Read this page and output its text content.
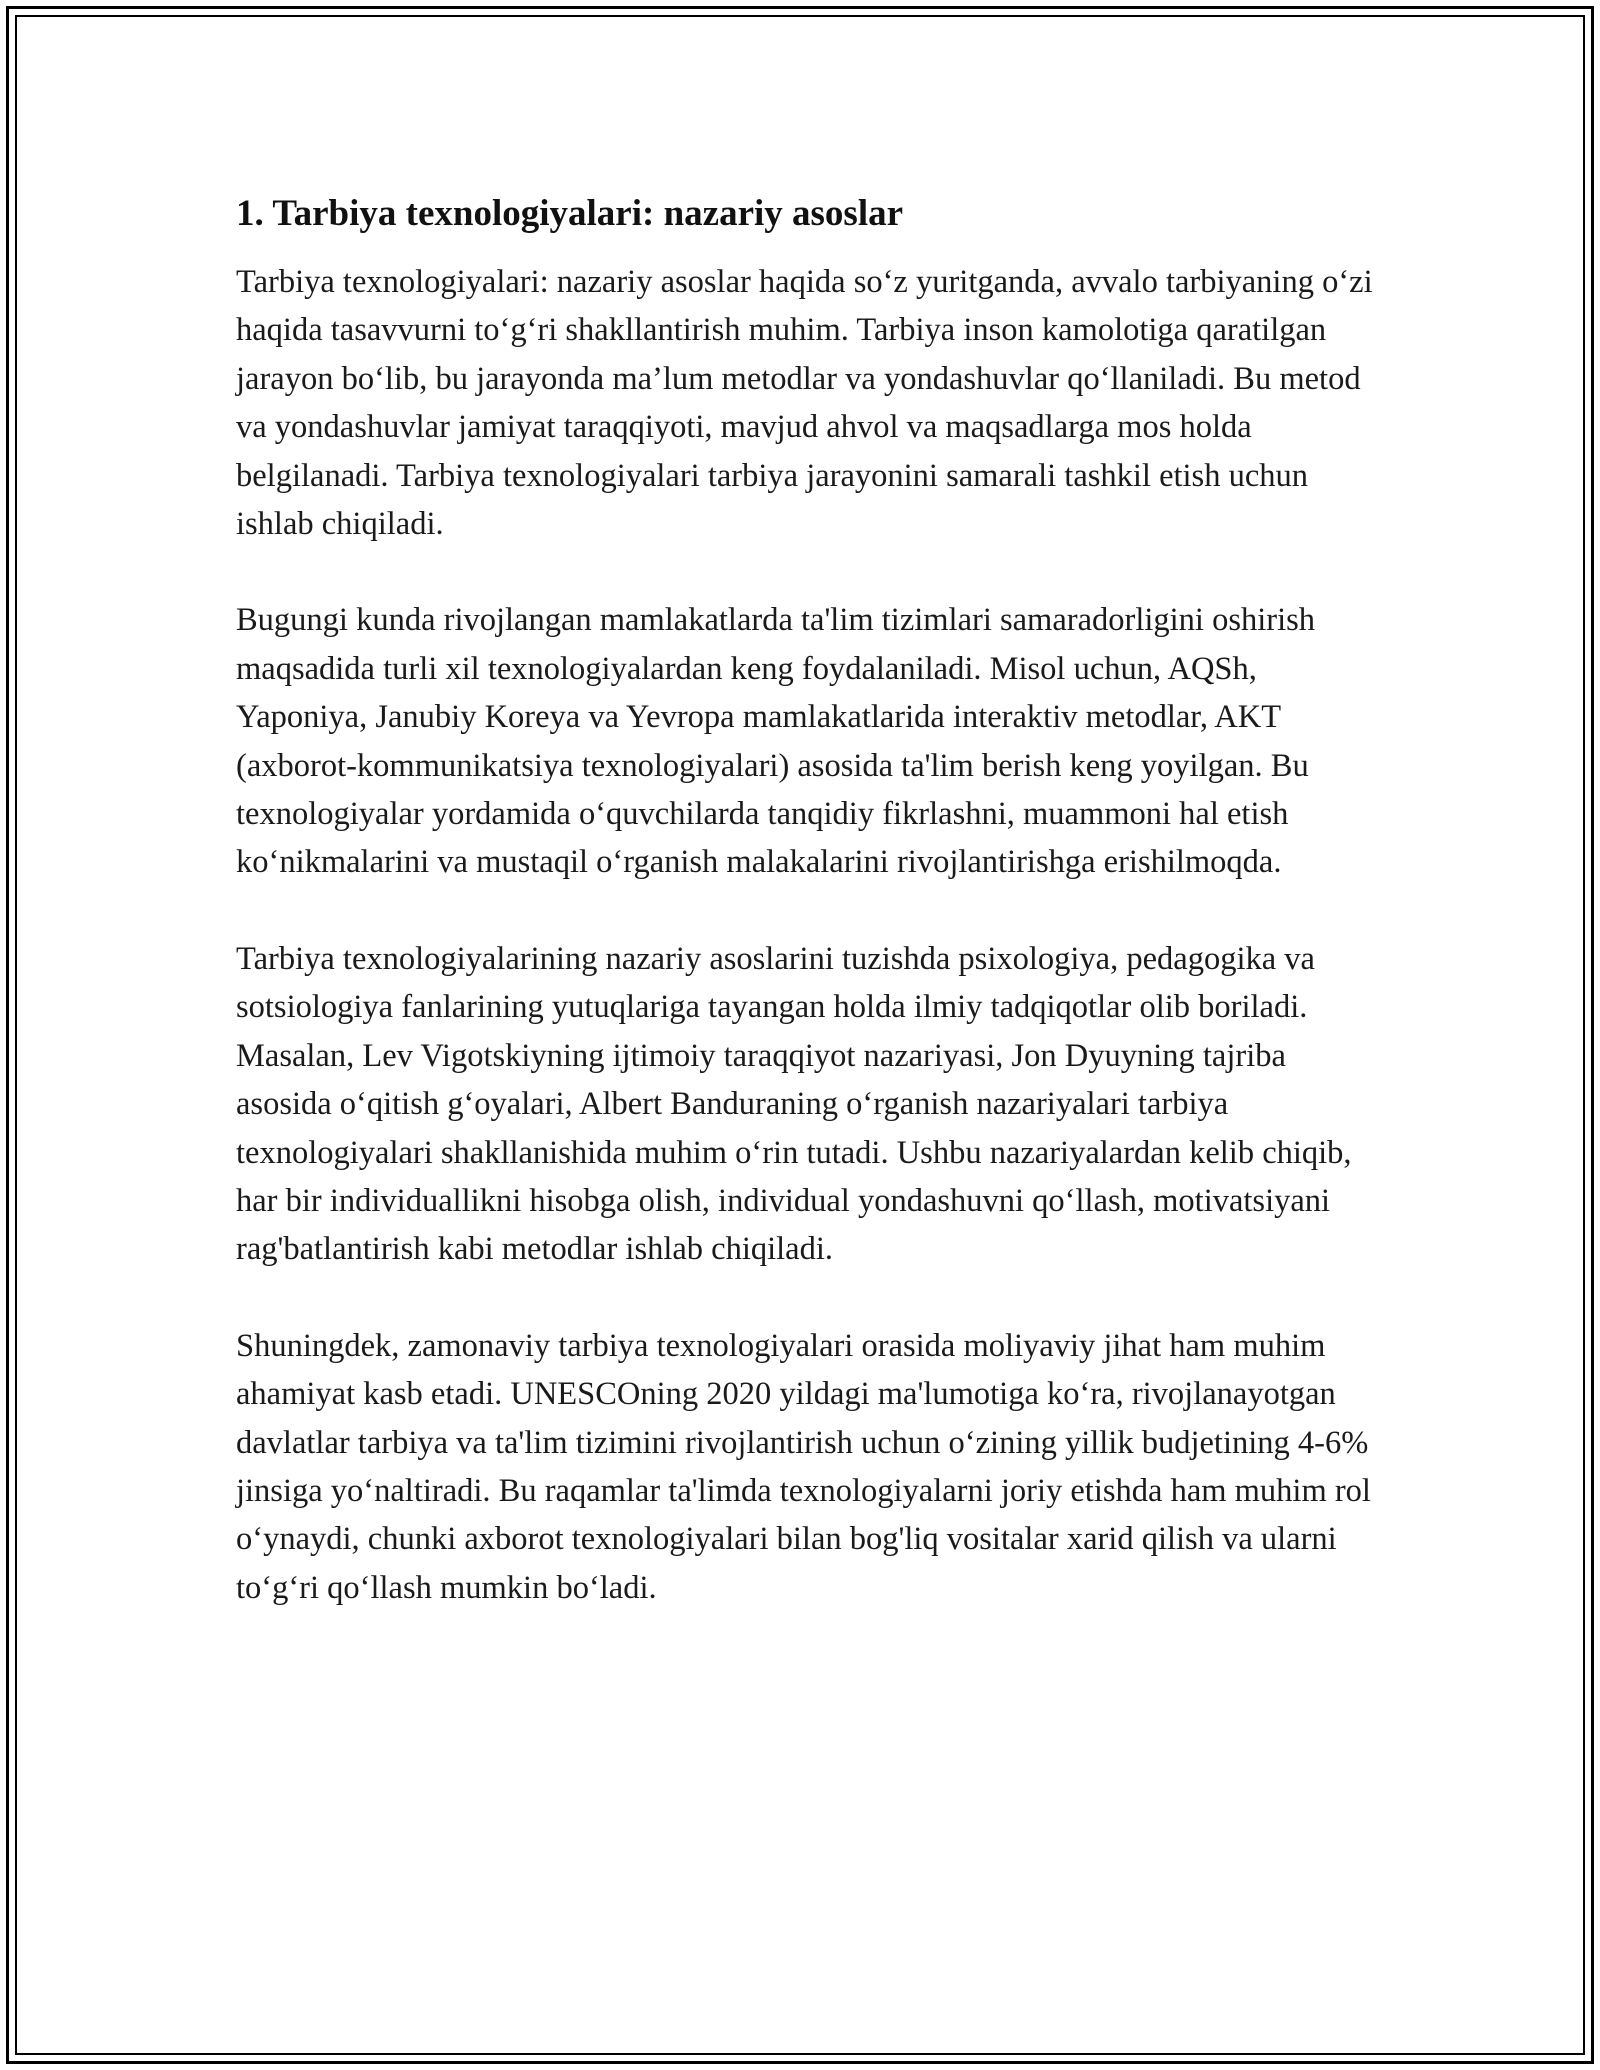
1. Tarbiya texnologiyalari: nazariy asoslar

Tarbiya texnologiyalari: nazariy asoslar haqida so‘z yuritganda, avvalo tarbiyaning o‘zi haqida tasavvurni to‘g‘ri shakllantirish muhim. Tarbiya inson kamolotiga qaratilgan jarayon bo‘lib, bu jarayonda ma’lum metodlar va yondashuvlar qo‘llaniladi. Bu metod va yondashuvlar jamiyat taraqqiyoti, mavjud ahvol va maqsadlarga mos holda belgilanadi. Tarbiya texnologiyalari tarbiya jarayonini samarali tashkil etish uchun ishlab chiqiladi.

Bugungi kunda rivojlangan mamlakatlarda ta'lim tizimlari samaradorligini oshirish maqsadida turli xil texnologiyalardan keng foydalaniladi. Misol uchun, AQSh, Yaponiya, Janubiy Koreya va Yevropa mamlakatlarida interaktiv metodlar, AKT (axborot-kommunikatsiya texnologiyalari) asosida ta'lim berish keng yoyilgan. Bu texnologiyalar yordamida o‘quvchilarda tanqidiy fikrlashni, muammoni hal etish ko‘nikmalarini va mustaqil o‘rganish malakalarini rivojlantirishga erishilmoqda.

Tarbiya texnologiyalarining nazariy asoslarini tuzishda psixologiya, pedagogika va sotsiologiya fanlarining yutuqlariga tayangan holda ilmiy tadqiqotlar olib boriladi. Masalan, Lev Vigotskiyning ijtimoiy taraqqiyot nazariyasi, Jon Dyuyning tajriba asosida o‘qitish g‘oyalari, Albert Banduraning o‘rganish nazariyalari tarbiya texnologiyalari shakllanishida muhim o‘rin tutadi. Ushbu nazariyalardan kelib chiqib, har bir individuallikni hisobga olish, individual yondashuvni qo‘llash, motivatsiyani rag'batlantirish kabi metodlar ishlab chiqiladi.

Shuningdek, zamonaviy tarbiya texnologiyalari orasida moliyaviy jihat ham muhim ahamiyat kasb etadi. UNESCOning 2020 yildagi ma'lumotiga ko‘ra, rivojlanayotgan davlatlar tarbiya va ta'lim tizimini rivojlantirish uchun o‘zining yillik budjetining 4-6% jinsiga yo‘naltiradi. Bu raqamlar ta'limda texnologiyalarni joriy etishda ham muhim rol o‘ynaydi, chunki axborot texnologiyalari bilan bog'liq vositalar xarid qilish va ularni to‘g‘ri qo‘llash mumkin bo‘ladi.
